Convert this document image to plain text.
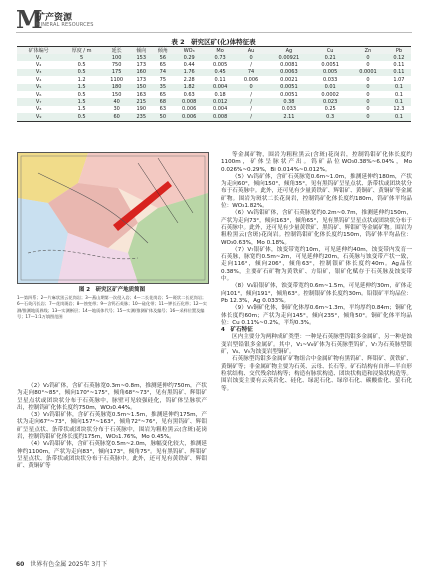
M
矿产资源
MINERAL RESOURCES
表 2　研究区矿(化)体特征表
矿体编号	厚度 / m	延长	倾向	倾角	WO₃	Mo	Au	Ag	Cu	Zn	Pb
V₁	5	100	153	56	0.29	0.73	0	0.00921	0.21	0	0.12
V₂	0.5	750	173	65	0.44	0.005	/	0.0081	0.0051	0	0.11
V₃	0.5	175	160	74	1.76	0.45	74	0.0063	0.005	0.0001	0.11
V₄	1.2	1100	173	75	2.28	0.11	0.006	0.0021	0.033	0	1.07
V₅	1.5	180	150	35	1.82	0.004	0	0.0051	0.01	0	0.1
V₆	0.5	150	163	65	0.63	0.18	/	0.0051	0.0002	0	0.1
V₇	1.5	40	215	68	0.008	0.012	/	0.38	0.023	0	0.1
V₈	1.5	30	190	63	0.006	0.004	/	0.033	0.25	0	12.3
V₉	0.5	60	235	50	0.006	0.008	/	2.11	0.3	0	0.1
图 2　研究区矿产地质简图
1—第四系；2—片麻状黑云花岗岩；3—燕山期第一次侵入岩；4—二长花岗岩；5—斑状二长花岗岩；6—石英闪长岩；7—花岗斑岩；8—蚀变带；9—含钨石英脉；10—硅化带；11—钾长石化带；12—实测/推测地质界线；13—实测断层；14—地质体代号；15—实测/推测矿体及编号；16—采样位置及编号；17—1:1万填图范围

（2）V₂钨矿体，含矿石英脉宽0.3m~0.8m，推测延伸约750m，产状为走向80°~85°，倾向170°~175°，倾角68°~73°，见有黑钨矿、辉钼矿呈星点状或团块状分布于石英脉中，脉壁可见较强硅化，钨矿体呈脉状产出，控制钨矿化体长度约750m，WO₃0.44%。

（3）V₃钨钼矿体，含矿石英脉宽0.5m~1.5m，推测延伸约175m，产状为走向67°~73°，倾向157°~163°，倾角72°~76°，见有黑钨矿、辉钼矿呈星点状、条带状或团块状分布于石英脉中，围岩为粗粒黑云(含斑)花岗岩，控制钨钼矿化体长度约175m，WO₃1.76%，Mo 0.45%。

（4）V₄钨钼矿体，含矿石英脉宽0.5m~2.0m，脉幅变化较大，推测延伸约1100m，产状为走向83°，倾向173°，倾角75°。见有黑钨矿、辉钼矿呈星点状、条带状或团块状分布于石英脉中。此外，还可见有黄铁矿、辉钼矿、黄铜矿等

等金属矿物，围岩为粗粒黑云(含斑)花岗岩，控制钨钼矿化体长度约1100m，矿体呈脉状产出。钨矿品位WO₃0.38%~6.04%，Mo 0.026%~0.29%，Bi 0.014%~0.012%。

（5）V₅钨矿体，含矿石英脉宽0.6m~1.0m，推测延伸约180m，产状为走向60°，倾向150°，倾角35°，见有黑钨矿呈星点状、条带状或团块状分布于石英脉中。此外，还可见有少量黄铁矿、辉钼矿、黄铜矿、黄铜矿等金属矿物。围岩为斑状二长花岗岩，控制钨矿化体长度约180m，钨矿体平均品位：WO₃1.82%。

（6）V₆钨钼矿体，含矿石英脉宽约0.2m~0.7m，推测延伸约150m，产状为走向73°，倾向163°，倾角65°，见有黑钨矿呈星点状或团块状分布于石英脉中。此外，还可见有少量黄铁矿、黑钨矿、辉钼矿等金属矿物。围岩为粗粒黑云(含斑)花岗岩。控制钨钼矿化体长度约150m，钨矿体平均品位：WO₃0.63%，Mo 0.18%。

（7）V₇银矿体，蚀变带宽约10m，可见延伸约40m，蚀变带内发育一石英脉，脉宽约0.5m~2m，可见延伸约20m，石英脉与蚀变带产状一致，走向116°，倾向206°，倾角63°，控制银矿体长度约40m。Ag品位0.38%，主要矿石矿物为黄铁矿、方铅矿，银矿化赋存于石英脉及蚀变带中。

（8）V₈铅银矿体，蚀变带宽约0.6m~1.5m，可见延伸约30m，矿体走向101°，倾向191°，倾角63°。控制银矿体长度约30m。铅银矿平均品位：Pb 12.3%，Ag 0.033%。

（9）V₉铜矿化体，铜矿化体厚0.6m~1.3m，平均厚约0.84m；铜矿化体长度约60m；产状为走向145°，倾向235°，倾角50°。铜矿化体平均品位：Cu 0.11%~0.2%，平均0.3%。

4　矿石特征

区内主要分为两种成矿类型：一种是石英脉型钨钼多金属矿，另一种是蚀变岩型铅银多金属矿。其中，V₁~V₆矿体为石英脉型钨矿，V₇为石英脉型银矿，V₈、V₉为蚀变岩型铜矿。

石英脉型钨钼多金属矿矿物组合中金属矿物有黑钨矿、辉钼矿、黄铁矿、黄铜矿等；非金属矿物主要为石英、云母、长石等。矿石结构有自形—半自形粒状结构、交代残余结构等；构造有脉状构造、团块状构造和浸染状构造等。围岩蚀变主要有云英岩化、硅化、绿泥石化、绿帘石化、碳酸盐化、萤石化等。

60 世界有色金属 2025年 3月下
